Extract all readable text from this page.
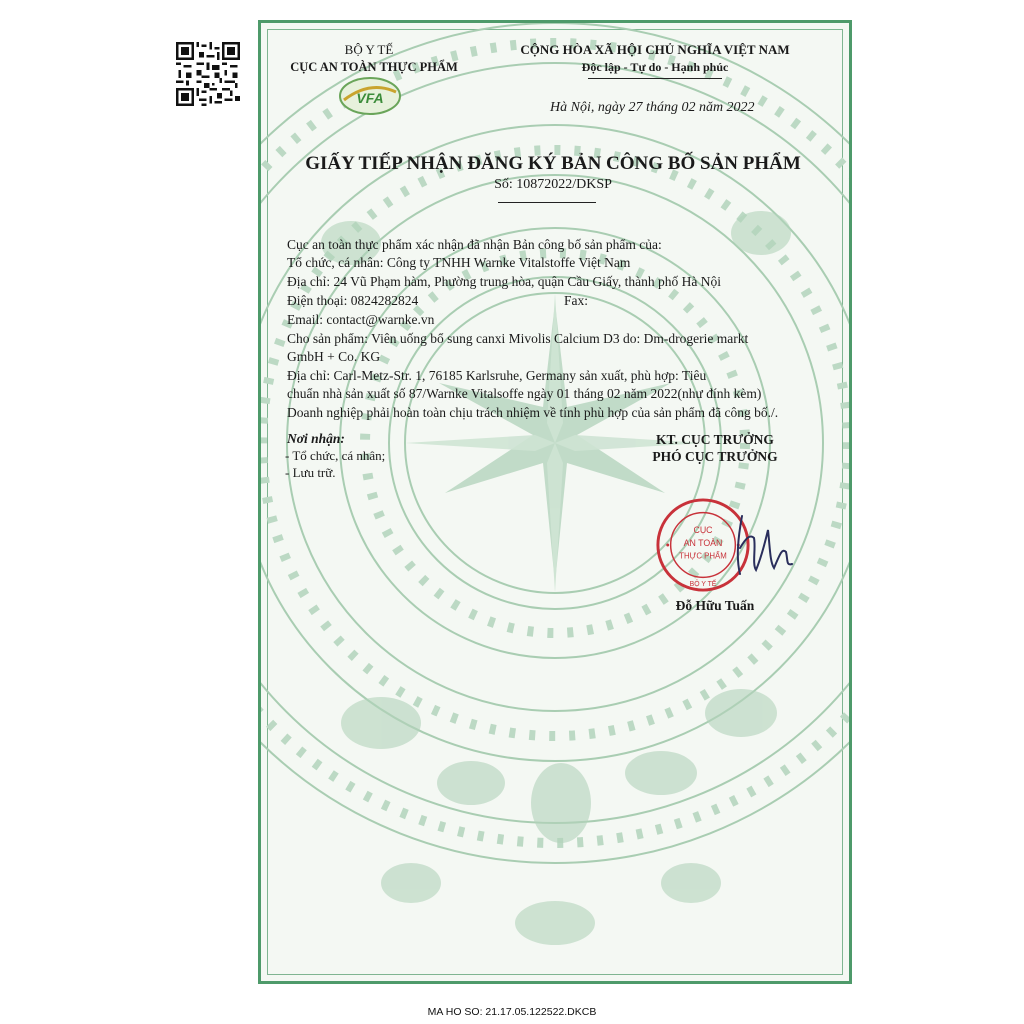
VFA
BỘ Y TẾ
CỤC AN TOÀN THỰC PHẨM
CỘNG HÒA XÃ HỘI CHỦ NGHĨA VIỆT NAM
Độc lập - Tự do - Hạnh phúc
Hà Nội, ngày 27 tháng 02 năm 2022
GIẤY TIẾP NHẬN ĐĂNG KÝ BẢN CÔNG BỐ SẢN PHẨM
Số: 10872022/DKSP
Cục an toàn thực phẩm xác nhận đã nhận Bản công bố sản phẩm của:
Tổ chức, cá nhân: Công ty TNHH Warnke Vitalstoffe Việt Nam
Địa chỉ: 24 Vũ Phạm hàm, Phường trung hòa, quận Cầu Giấy, thành phố Hà Nội
Điện thoại: 0824282824	Fax:
Email: contact@warnke.vn
Cho sản phẩm: Viên uống bổ sung canxi Mivolis Calcium D3 do: Dm-drogerie markt
GmbH + Co. KG
Địa chỉ: Carl-Metz-Str. 1, 76185 Karlsruhe, Germany sản xuất, phù hợp: Tiêu
chuẩn nhà sản xuất số 87/Warnke Vitalsoffe ngày 01 tháng 02 năm 2022(như đính kèm)
Doanh nghiệp phải hoàn toàn chịu trách nhiệm về tính phù hợp của sản phẩm đã công bố./.
Nơi nhận:
- Tổ chức, cá nhân;
- Lưu trữ.
KT. CỤC TRƯỞNG
PHÓ CỤC TRƯỞNG
CỤC
AN TOÀN
THỰC PHẨM
BỘ Y TẾ
Đỗ Hữu Tuấn
MA HO SO: 21.17.05.122522.DKCB
